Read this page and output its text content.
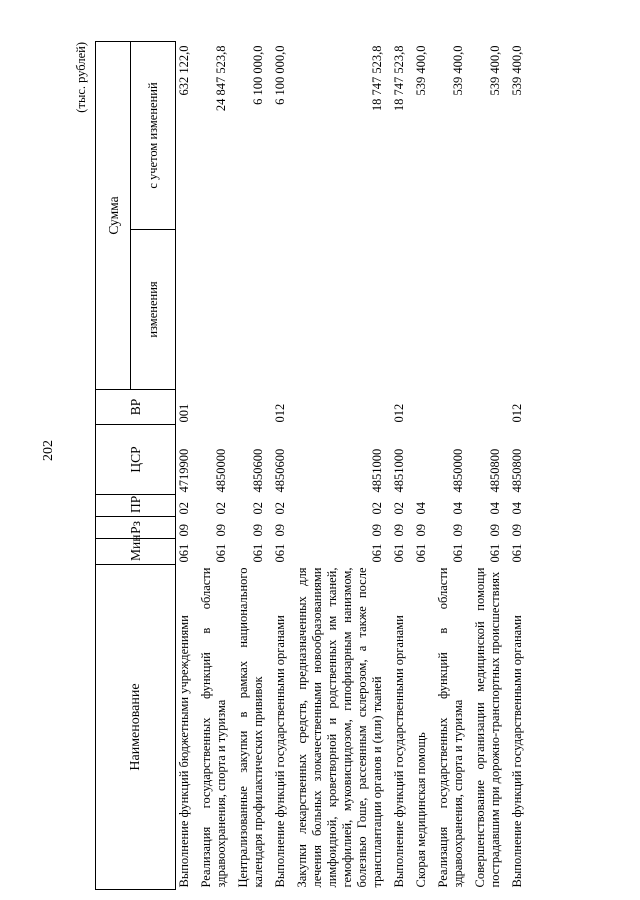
202
(тыс. рублей)
Наименование	Мин	Рз	ПР	ЦСР	ВР	Сумма	
						изменения	с учетом изменений
Выполнение функций бюджетными учреждениями	061	09	02	4719900	001		632 122,0
Реализация государственных функций в области здравоохранения, спорта и туризма	061	09	02	4850000			24 847 523,8
Централизованные закупки в рамках национального календаря профилактических прививок	061	09	02	4850600			6 100 000,0
Выполнение функций государственными органами	061	09	02	4850600	012		6 100 000,0
Закупки лекарственных средств, предназначенных для лечения больных злокачественными новообразованиями лимфоидной, кроветворной и родственных им тканей, гемофилией, муковисцидозом, гипофизарным нанизмом, болезнью Гоше, рассеянным склерозом, а также после трансплантации органов и (или) тканей	061	09	02	4851000			18 747 523,8
Выполнение функций государственными органами	061	09	02	4851000	012		18 747 523,8
Скорая медицинская помощь	061	09	04				539 400,0
Реализация государственных функций в области здравоохранения, спорта и туризма	061	09	04	4850000			539 400,0
Совершенствование организации медицинской помощи пострадавшим при дорожно-транспортных происшествиях	061	09	04	4850800			539 400,0
Выполнение функций государственными органами	061	09	04	4850800	012		539 400,0
